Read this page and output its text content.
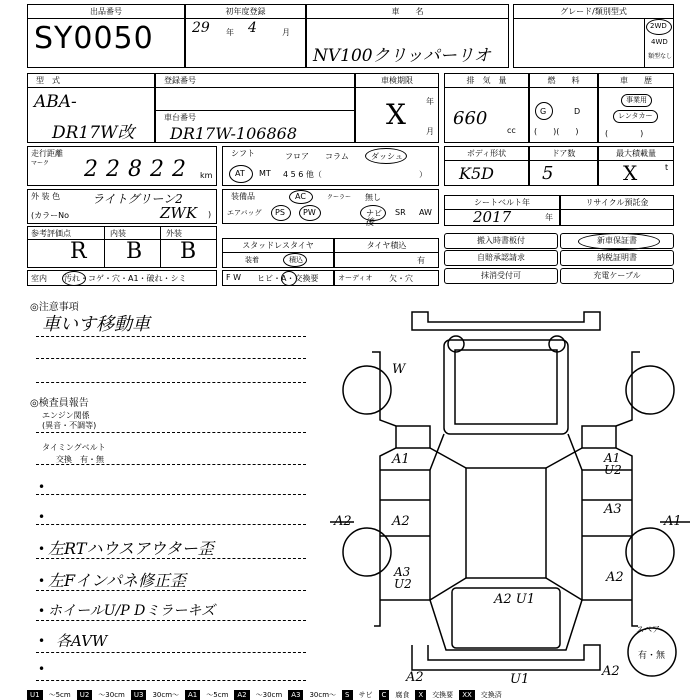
出品番号
SY0050
初年度登録
29 年 4	月
車　　名
NV100クリッパーリオ
グレード/類別型式
2WD
4WD
類型なし
型　式
ABA-
DR17W改
登録番号
車台番号
DR17W-106868
車検期限
年
月
X
排　気　量
660
cc
燃　　料
G	D
(　　)(　　)
車　　歴
事業用
レンタカー
(　　　　)
走行距離
マーク 22822 km
シフト	フロア コラム	ダッシュ
AT MT 4 5 6 他（	）
ボディ形状
K5D
ドア数
5
最大積載量
X	t
外 装 色	ライトグリーン2
(カラーNo	ZWK )
装備品	AC	クーラー 無し
エアバッグ PS PW	ナビ SR AW
後
シートベルト年
2017	年
リサイクル預託金
参考評価点	内装	外装
R B B	スタッドレスタイヤ
装着	積込
タイヤ積込
有
搬入時書板付	新車保証書
自賠承認請求	納税証明書
抹消受付可	充電ケーブル
室内 汚れ・コゲ・穴・A1・破れ・シミ	F W ヒビ・A・交換要	オーディオ 欠・穴
◎注意事項
車いす移動車
◎検査員報告
エンジン関係
(異音・不調等)
タイミングベルト
交換　有・無
•
•
• 左RTハウスアウター歪
• 左Fインパネ修正歪
• ホイールU/P Dミラーキズ
• 各AVW
•
W
A1	A1 U2
A2	A2
A3
A3 U2	A2
A2 U1
A2
A1
U1
A2
スペア
有・無
U1	～5cm	U2	～30cm	U3	30cm～	A1	～5cm	A2	～30cm	A3	30cm～	S	サビ	C	腐食	X	交換要	XX	交換済
